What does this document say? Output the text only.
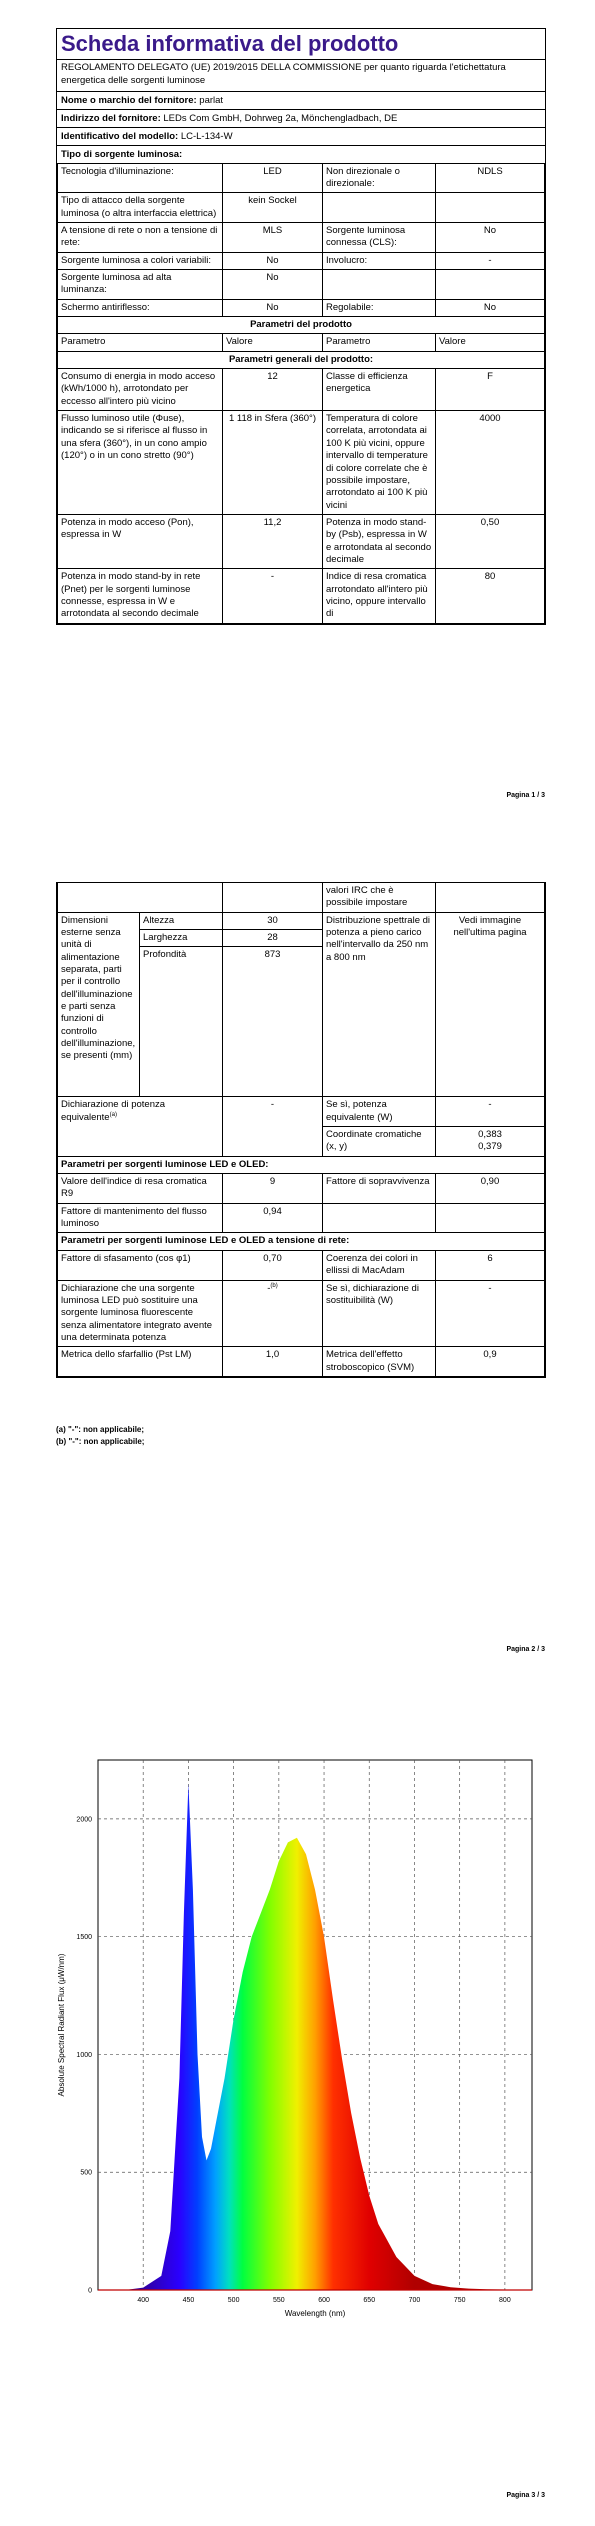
Scheda informativa del prodotto
REGOLAMENTO DELEGATO (UE) 2019/2015 DELLA COMMISSIONE per quanto riguarda l'etichettatura energetica delle sorgenti luminose
Nome o marchio del fornitore: parlat
Indirizzo del fornitore: LEDs Com GmbH, Dohrweg 2a, Mönchengladbach, DE
Identificativo del modello: LC-L-134-W
Tipo di sorgente luminosa:
Tecnologia d'illuminazione:	LED	Non direzionale o direzionale:	NDLS
Tipo di attacco della sorgente luminosa (o altra interfaccia elettrica)	kein Sockel		
A tensione di rete o non a tensione di rete:	MLS	Sorgente luminosa connessa (CLS):	No
Sorgente luminosa a colori variabili:	No	Involucro:	-
Sorgente luminosa ad alta luminanza:	No		
Schermo antiriflesso:	No	Regolabile:	No
Parametri del prodotto			
Parametro	Valore	Parametro	Valore
Parametri generali del prodotto:			
Consumo di energia in modo acceso (kWh/1000 h), arrotondato per eccesso all'intero più vicino	12	Classe di efficienza energetica	F
Flusso luminoso utile (Φuse), indicando se si riferisce al flusso in una sfera (360°), in un cono ampio (120°) o in un cono stretto (90°)	1 118 in Sfera (360°)	Temperatura di colore correlata, arrotondata ai 100 K più vicini, oppure intervallo di temperature di colore correlate che è possibile impostare, arrotondato ai 100 K più vicini	4000
Potenza in modo acceso (Pon), espressa in W	11,2	Potenza in modo stand-by (Psb), espressa in W e arrotondata al secondo decimale	0,50
Potenza in modo stand-by in rete (Pnet) per le sorgenti luminose connesse, espressa in W e arrotondata al secondo decimale	-	Indice di resa cromatica arrotondato all'intero più vicino, oppure intervallo di	80
Pagina 1 / 3
			valori IRC che è possibile impostare	
Dimensioni esterne senza unità di alimentazione separata, parti per il controllo dell'illuminazione e parti senza funzioni di controllo dell'illuminazione, se presenti (mm)	Altezza	30	Distribuzione spettrale di potenza a pieno carico nell'intervallo da 250 nm a 800 nm	Vedi immagine nell'ultima pagina
	Larghezza	28		
	Profondità	873		
Dichiarazione di potenza equivalente$^{(a)}$		-	Se sì, potenza equivalente (W)	-
			Coordinate cromatiche (x, y)	0,383
0,379
Parametri per sorgenti luminose LED e OLED:				
Valore dell'indice di resa cromatica R9		9	Fattore di sopravvivenza	0,90
Fattore di mantenimento del flusso luminoso		0,94		
Parametri per sorgenti luminose LED e OLED a tensione di rete:				
Fattore di sfasamento (cos φ1)		0,70	Coerenza dei colori in ellissi di MacAdam	6
Dichiarazione che una sorgente luminosa LED può sostituire una sorgente luminosa fluorescente senza alimentatore integrato avente una determinata potenza		-$^{(b)}$	Se sì, dichiarazione di sostituibilità (W)	-
Metrica dello sfarfallio (Pst LM)		1,0	Metrica dell'effetto stroboscopico (SVM)	0,9
(a) "-": non applicabile;
(b) "-": non applicabile;
Pagina 2 / 3
400	450	500	550	600	650	700	750	800
0
500
1000
1500
2000
Wavelength (nm)
Absolute Spectral Radiant Flux (μW/nm)
Pagina 3 / 3
